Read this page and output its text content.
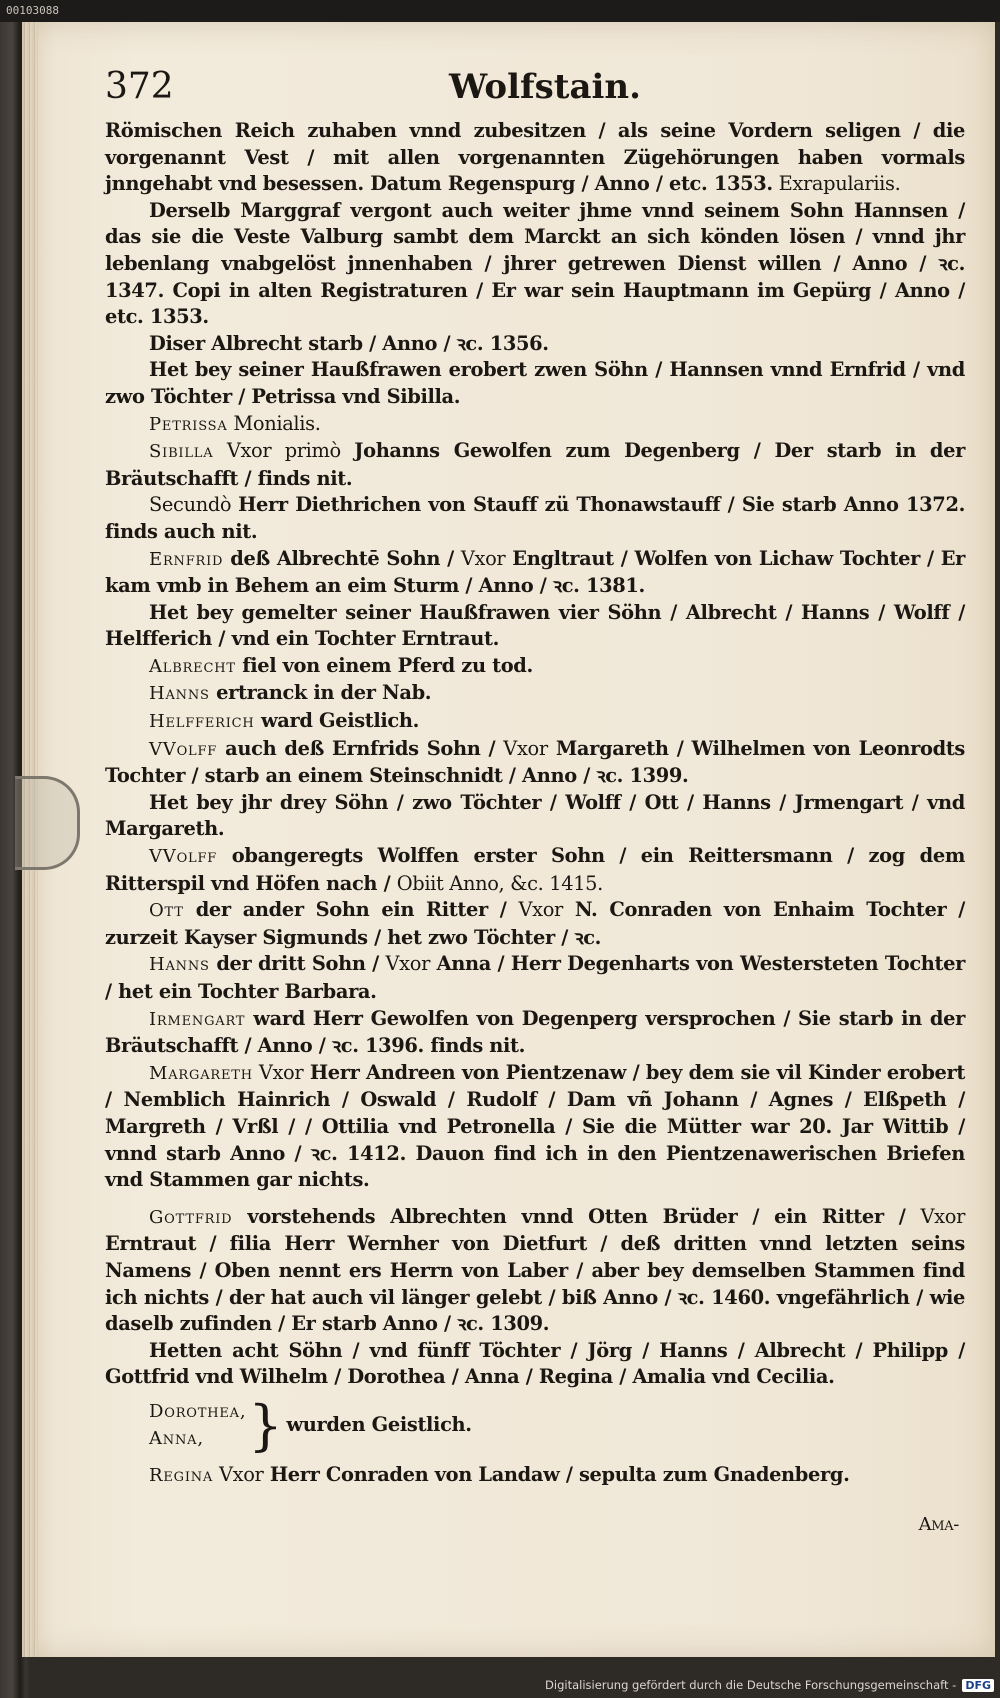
00103088
Wolfstain.
372

Römischen Reich zuhaben vnnd zubesitzen / als seine Vordern seligen / die vorgenannt Vest / mit allen vorgenannten Zügehörungen haben vormals jnngehabt vnd besessen. Datum Regenspurg / Anno / etc. 1353. Exrapulariis.

Derselb Marggraf vergont auch weiter jhme vnnd seinem Sohn Hannsen / das sie die Veste Valburg sambt dem Marckt an sich könden lösen / vnnd jhr lebenlang vnabgelöst jnnenhaben / jhrer getrewen Dienst willen / Anno / ꝛc. 1347. Copi in alten Registraturen / Er war sein Hauptmann im Gepürg / Anno / etc. 1353.

Diser Albrecht starb / Anno / ꝛc. 1356.

Het bey seiner Haußfrawen erobert zwen Söhn / Hannsen vnnd Ernfrid / vnd zwo Töchter / Petrissa vnd Sibilla.

Petrissa Monialis.

Sibilla Vxor primò Johanns Gewolfen zum Degenberg / Der starb in der Bräutschafft / finds nit.

Secundò Herr Diethrichen von Stauff zü Thonawstauff / Sie starb Anno 1372. finds auch nit.

Ernfrid deß Albrechtē Sohn / Vxor Engltraut / Wolfen von Lichaw Tochter / Er kam vmb in Behem an eim Sturm / Anno / ꝛc. 1381.

Het bey gemelter seiner Haußfrawen vier Söhn / Albrecht / Hanns / Wolff / Helfferich / vnd ein Tochter Erntraut.

Albrecht fiel von einem Pferd zu tod.

Hanns ertranck in der Nab.

Helfferich ward Geistlich.

VVolff auch deß Ernfrids Sohn / Vxor Margareth / Wilhelmen von Leonrodts Tochter / starb an einem Steinschnidt / Anno / ꝛc. 1399.

Het bey jhr drey Söhn / zwo Töchter / Wolff / Ott / Hanns / Jrmengart / vnd Margareth.

VVolff obangeregts Wolffen erster Sohn / ein Reittersmann / zog dem Ritterspil vnd Höfen nach / Obiit Anno, &c. 1415.

Ott der ander Sohn ein Ritter / Vxor N. Conraden von Enhaim Tochter / zurzeit Kayser Sigmunds / het zwo Töchter / ꝛc.

Hanns der dritt Sohn / Vxor Anna / Herr Degenharts von Westersteten Tochter / het ein Tochter Barbara.

Irmengart ward Herr Gewolfen von Degenperg versprochen / Sie starb in der Bräutschafft / Anno / ꝛc. 1396. finds nit.

Margareth Vxor Herr Andreen von Pientzenaw / bey dem sie vil Kinder erobert / Nemblich Hainrich / Oswald / Rudolf / Dam vñ Johann / Agnes / Elßpeth / Margreth / Vrßl / / Ottilia vnd Petronella / Sie die Mütter war 20. Jar Wittib / vnnd starb Anno / ꝛc. 1412. Dauon find ich in den Pientzenawerischen Briefen vnd Stammen gar nichts.

Gottfrid vorstehends Albrechten vnnd Otten Brüder / ein Ritter / Vxor Erntraut / filia Herr Wernher von Dietfurt / deß dritten vnnd letzten seins Namens / Oben nennt ers Herrn von Laber / aber bey demselben Stammen find ich nichts / der hat auch vil länger gelebt / biß Anno / ꝛc. 1460. vngefährlich / wie daselb zufinden / Er starb Anno / ꝛc. 1309.

Hetten acht Söhn / vnd fünff Töchter / Jörg / Hanns / Albrecht / Philipp / Gottfrid vnd Wilhelm / Dorothea / Anna / Regina / Amalia vnd Cecilia.

Dorothea,
Anna, } wurden Geistlich.

Regina Vxor Herr Conraden von Landaw / sepulta zum Gnadenberg.

Ama-
Digitalisierung gefördert durch die Deutsche Forschungsgemeinschaft - DFG
